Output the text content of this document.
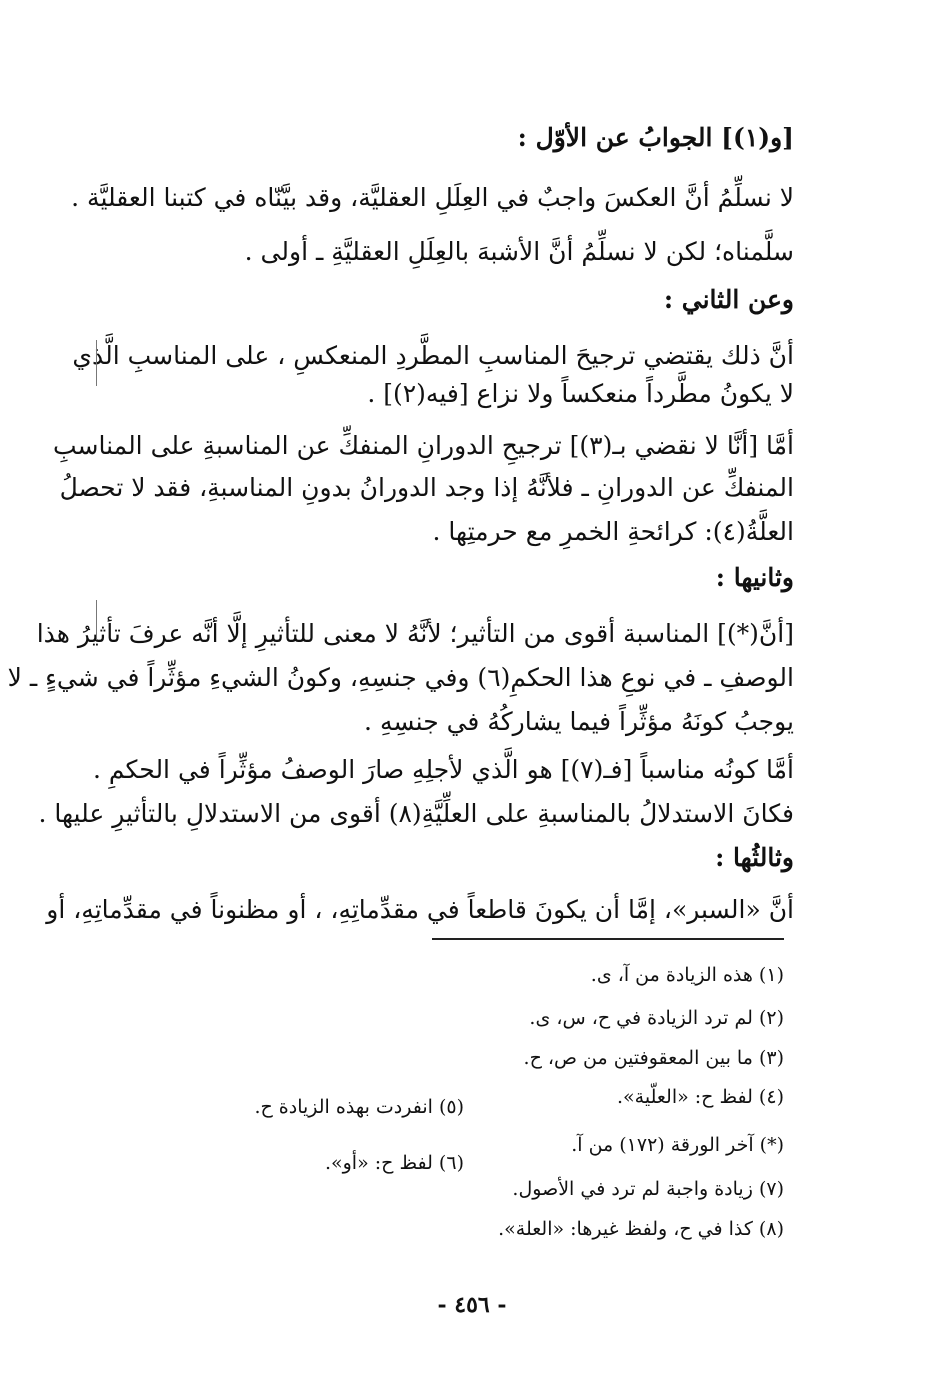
[و(١)] الجوابُ عن الأوّل :
لا نسلِّمُ أنَّ العكسَ واجبٌ في العِلَلِ العقليَّة، وقد بيَّنّاه في كتبنا العقليَّة .
سلَّمناه؛ لكن لا نسلِّمُ أنَّ الأشبهَ بالعِلَلِ العقليَّةِ ـ أولى .
وعن الثاني :
أنَّ ذلك يقتضي ترجيحَ المناسبِ المطَّردِ المنعكسِ ، على المناسبِ الَّذي
لا يكونُ مطَّرداً منعكساً ولا نزاع [فيه(٢)] .
أمَّا [أنَّا لا نقضي بـ(٣)] ترجيحِ الدورانِ المنفكِّ عن المناسبةِ على المناسبِ
المنفكِّ عن الدورانِ ـ فلأنَّهُ إذا وجد الدورانُ بدونِ المناسبةِ، فقد لا تحصلُ
العلَّةُ(٤): كرائحةِ الخمرِ مع حرمتِها .
وثانيها :
[أنَّ(*)] المناسبة أقوى من التأثير؛ لأنَّهُ لا معنى للتأثيرِ إلَّا أنَّه عرفَ تأثيرُ هذا
الوصفِ ـ في نوعِ هذا الحكمِ(٦) وفي جنسِهِ، وكونُ الشيءِ مؤثِّراً في شيءٍ ـ لا
يوجبُ كونَهُ مؤثِّراً فيما يشاركُهُ في جنسِهِ .
أمَّا كونُه مناسباً [فـ(٧)] هو الَّذي لأجلِهِ صارَ الوصفُ مؤثِّراً في الحكمِ .
فكانَ الاستدلالُ بالمناسبةِ على العلِّيَّةِ(٨) أقوى من الاستدلالِ بالتأثيرِ عليها .
وثالثُها :
أنَّ «السبر»، إمَّا أن يكونَ قاطعاً في مقدِّماتِهِ، ، أو مظنوناً في مقدِّماتِهِ، أو
(١) هذه الزيادة من آ، ى.
(٢) لم ترد الزيادة في ح، س، ى.
(٣) ما بين المعقوفتين من ص، ح.
(٤) لفظ ح: «العلّية».
(*) آخر الورقة (١٧٢) من آ.
(٧) زيادة واجبة لم ترد في الأصول.
(٨) كذا في ح، ولفظ غيرها: «العلة».
(٥) انفردت بهذه الزيادة ح.
(٦) لفظ ح: «أو».
- ٤٥٦ -
